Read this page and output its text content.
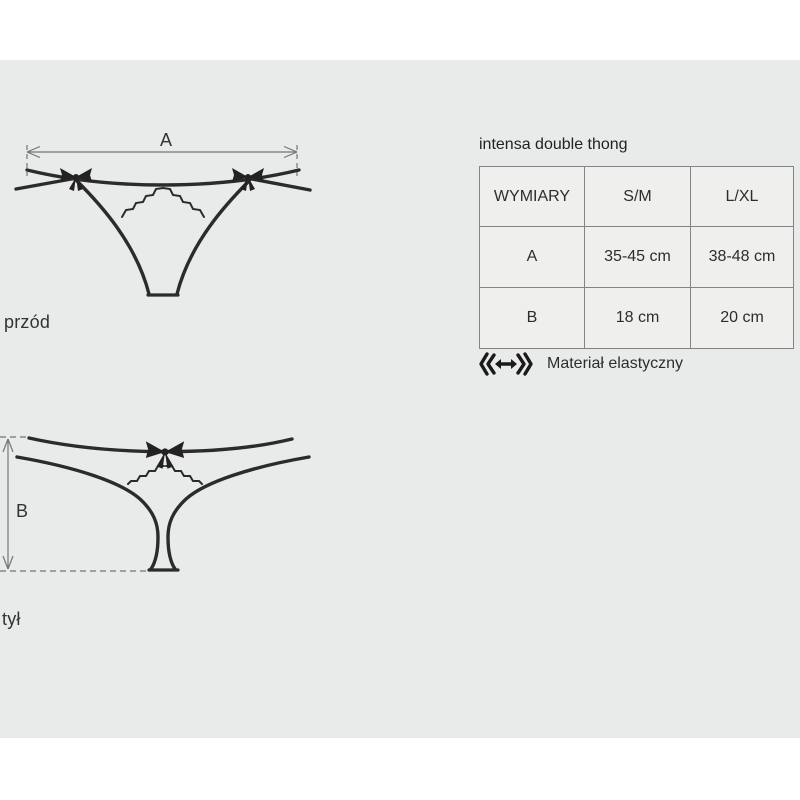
A
przód
B
tył
intensa double thong
WYMIARY	S/M	L/XL
A	35-45 cm	38-48 cm
B	18 cm	20 cm
Materiał elastyczny
